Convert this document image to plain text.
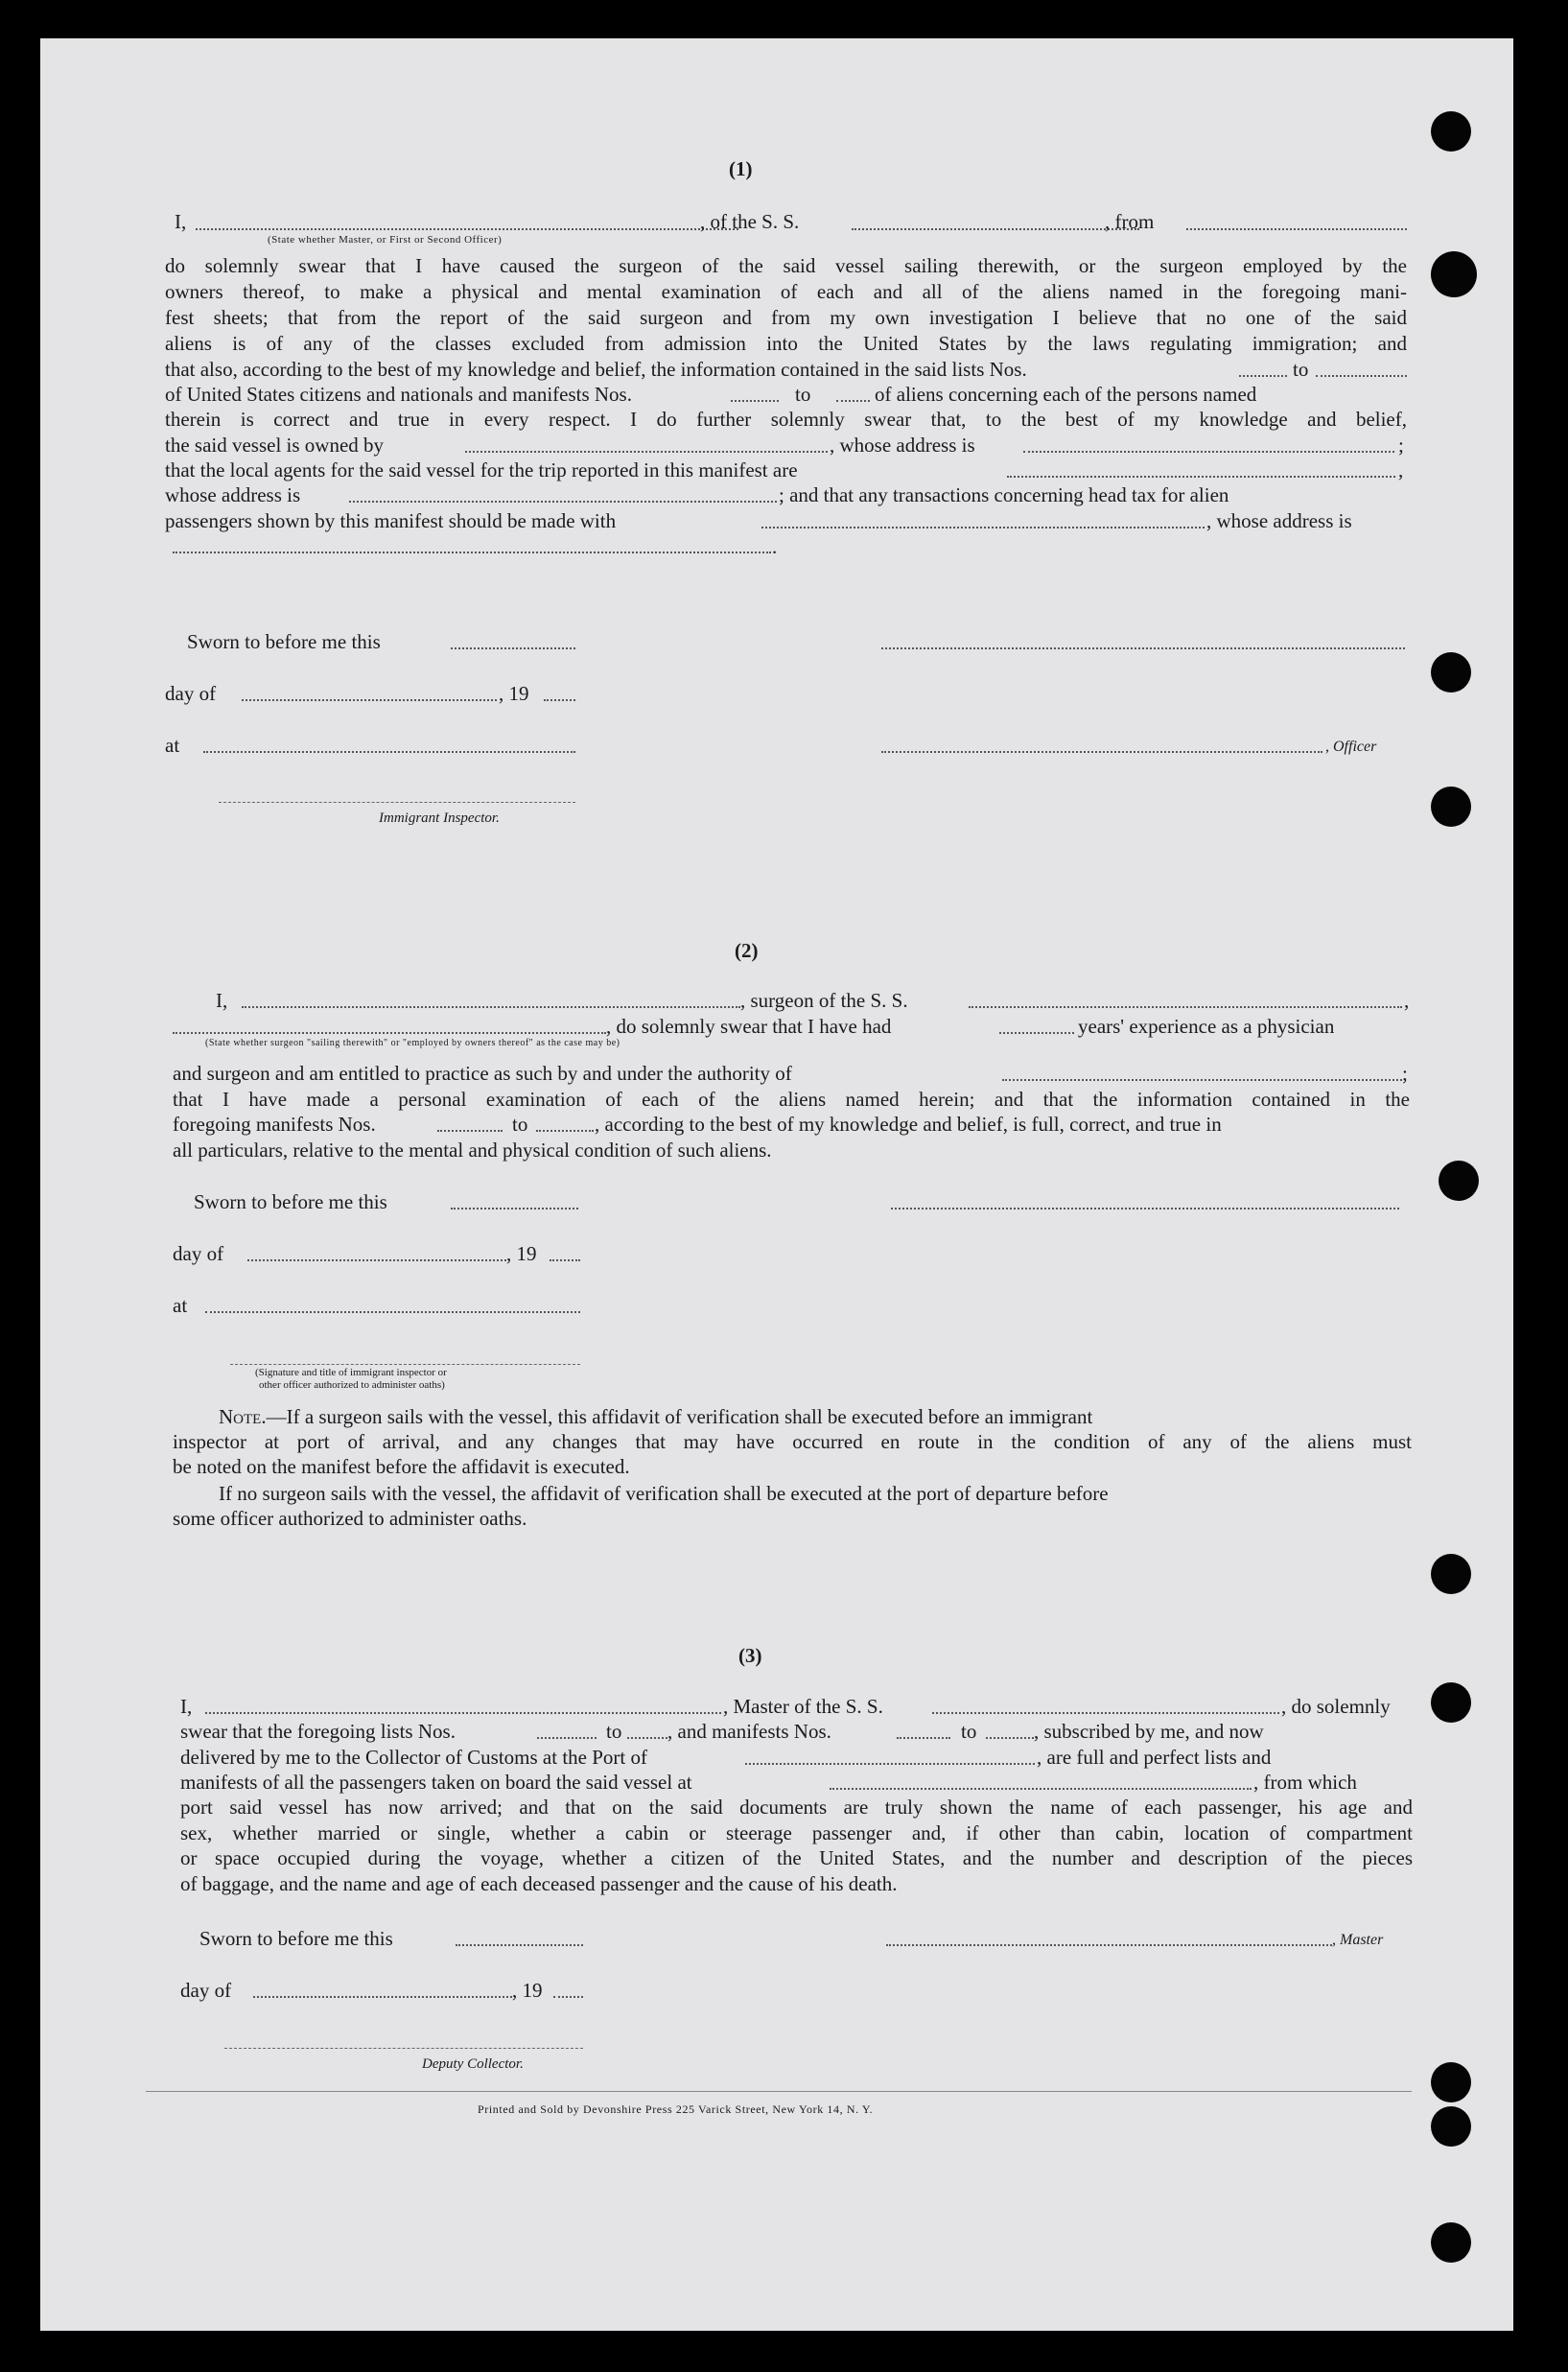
(1)
I,	, of the S. S.	, from
(State whether Master, or First or Second Officer)
do solemnly swear that I have caused the surgeon of the said vessel sailing therewith, or the surgeon employed by the
owners thereof, to make a physical and mental examination of each and all of the aliens named in the foregoing mani-
fest sheets; that from the report of the said surgeon and from my own investigation I believe that no one of the said
aliens is of any of the classes excluded from admission into the United States by the laws regulating immigration; and
that also, according to the best of my knowledge and belief, the information contained in the said lists Nos.	to
of United States citizens and nationals and manifests Nos.	to	of aliens concerning each of the persons named
therein is correct and true in every respect. I do further solemnly swear that, to the best of my knowledge and belief,
the said vessel is owned by	, whose address is	;
that the local agents for the said vessel for the trip reported in this manifest are	,
whose address is	; and that any transactions concerning head tax for alien
passengers shown by this manifest should be made with	, whose address is
.
Sworn to before me this
day of	, 19
at	, Officer
Immigrant Inspector.
(2)
I,	, surgeon of the S. S.	,
, do solemnly swear that I have had	years' experience as a physician
(State whether surgeon "sailing therewith" or "employed by owners thereof" as the case may be)
and surgeon and am entitled to practice as such by and under the authority of	;
that I have made a personal examination of each of the aliens named herein; and that the information contained in the
foregoing manifests Nos.	to	, according to the best of my knowledge and belief, is full, correct, and true in
all particulars, relative to the mental and physical condition of such aliens.
Sworn to before me this
day of	, 19
at
(Signature and title of immigrant inspector or
other officer authorized to administer oaths)
Note.—If a surgeon sails with the vessel, this affidavit of verification shall be executed before an immigrant
inspector at port of arrival, and any changes that may have occurred en route in the condition of any of the aliens must
be noted on the manifest before the affidavit is executed.
If no surgeon sails with the vessel, the affidavit of verification shall be executed at the port of departure before
some officer authorized to administer oaths.
(3)
I,	, Master of the S. S.	, do solemnly
swear that the foregoing lists Nos.	to , and manifests Nos.	to	, subscribed by me, and now
delivered by me to the Collector of Customs at the Port of	, are full and perfect lists and
manifests of all the passengers taken on board the said vessel at	, from which
port said vessel has now arrived; and that on the said documents are truly shown the name of each passenger, his age and
sex, whether married or single, whether a cabin or steerage passenger and, if other than cabin, location of compartment
or space occupied during the voyage, whether a citizen of the United States, and the number and description of the pieces
of baggage, and the name and age of each deceased passenger and the cause of his death.
Sworn to before me this	, Master
day of	, 19
Deputy Collector.
Printed and Sold by Devonshire Press 225 Varick Street, New York 14, N. Y.
